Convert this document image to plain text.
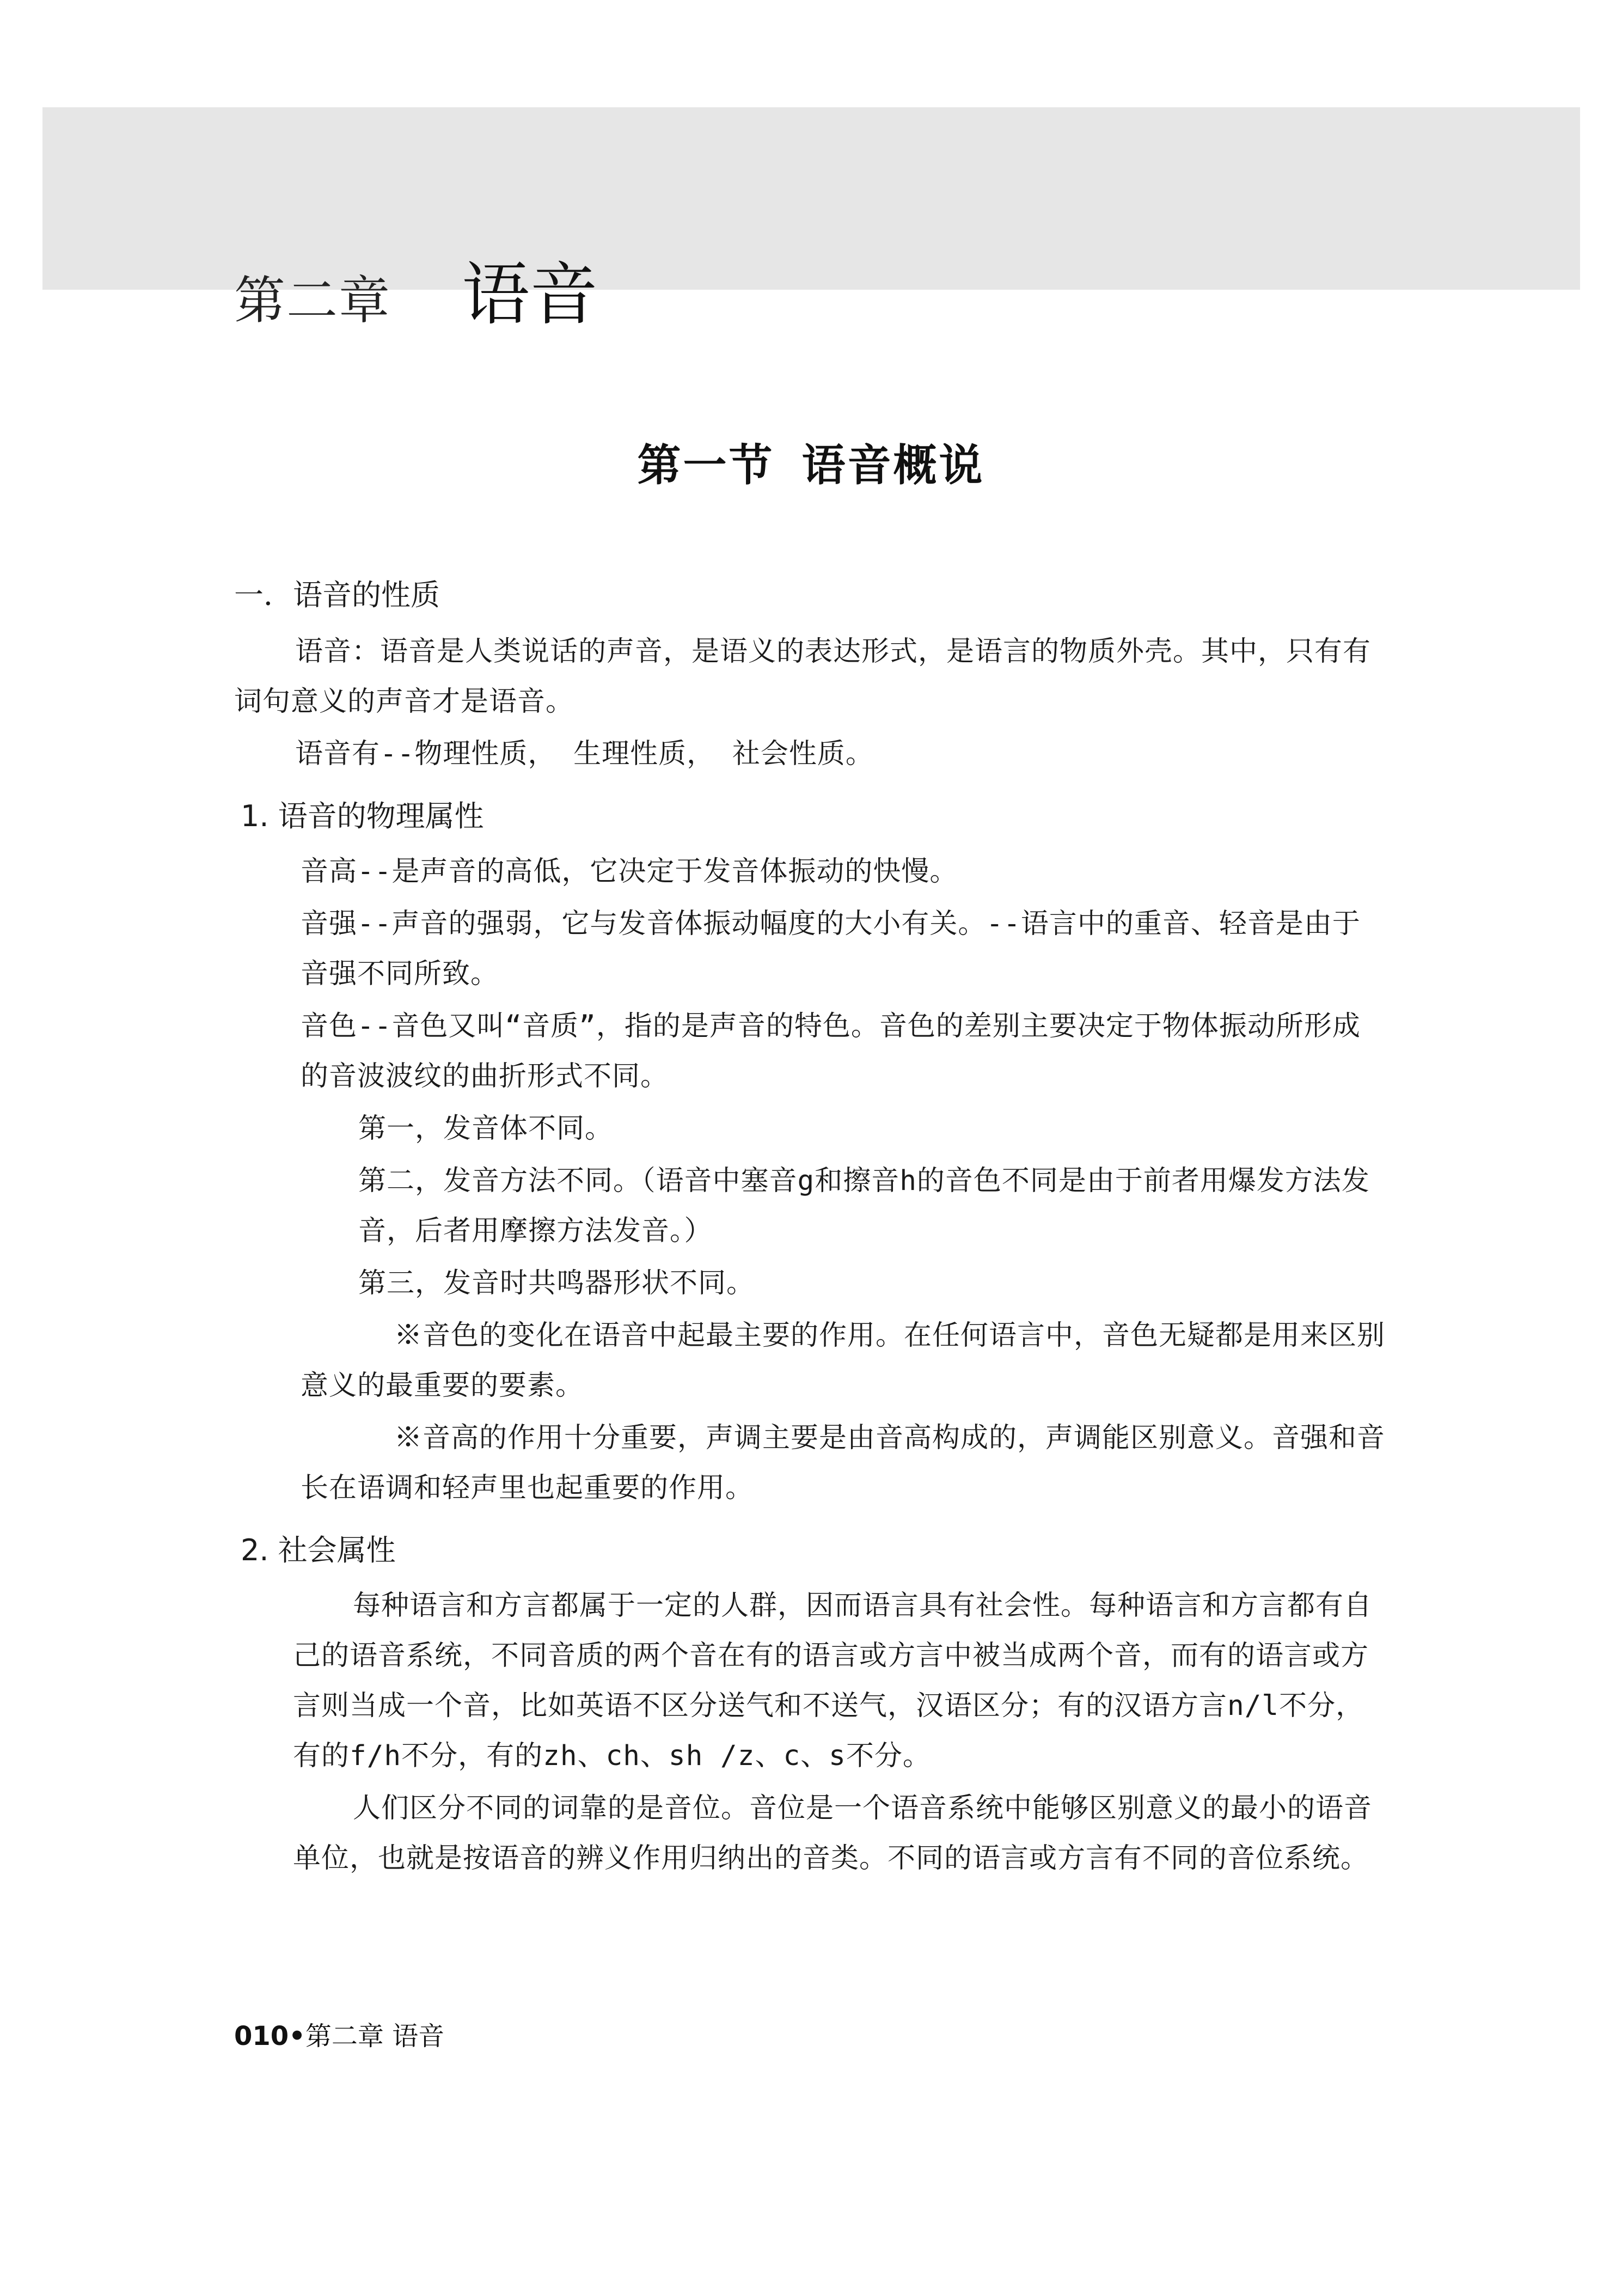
第二章 语音
第一节 语音概说
一．语音的性质

语音：语音是人类说话的声音，是语义的表达形式，是语言的物质外壳。其中，只有有词句意义的声音才是语音。

语音有--物理性质， 生理性质， 社会性质。

1. 语音的物理属性

音高--是声音的高低，它决定于发音体振动的快慢。

音强--声音的强弱，它与发音体振动幅度的大小有关。--语言中的重音、轻音是由于音强不同所致。

音色--音色又叫“音质”，指的是声音的特色。音色的差别主要决定于物体振动所形成的音波波纹的曲折形式不同。

第一，发音体不同。

第二，发音方法不同。（语音中塞音g和擦音h的音色不同是由于前者用爆发方法发音，后者用摩擦方法发音。）

第三，发音时共鸣器形状不同。

※音色的变化在语音中起最主要的作用。在任何语言中，音色无疑都是用来区别意义的最重要的要素。

※音高的作用十分重要，声调主要是由音高构成的，声调能区别意义。音强和音长在语调和轻声里也起重要的作用。

2. 社会属性

每种语言和方言都属于一定的人群，因而语言具有社会性。每种语言和方言都有自己的语音系统，不同音质的两个音在有的语言或方言中被当成两个音，而有的语言或方言则当成一个音，比如英语不区分送气和不送气，汉语区分；有的汉语方言n/l不分，有的f/h不分，有的zh、ch、sh /z、c、s不分。

人们区分不同的词靠的是音位。音位是一个语音系统中能够区别意义的最小的语音单位，也就是按语音的辨义作用归纳出的音类。不同的语言或方言有不同的音位系统。

010•第二章 语音
